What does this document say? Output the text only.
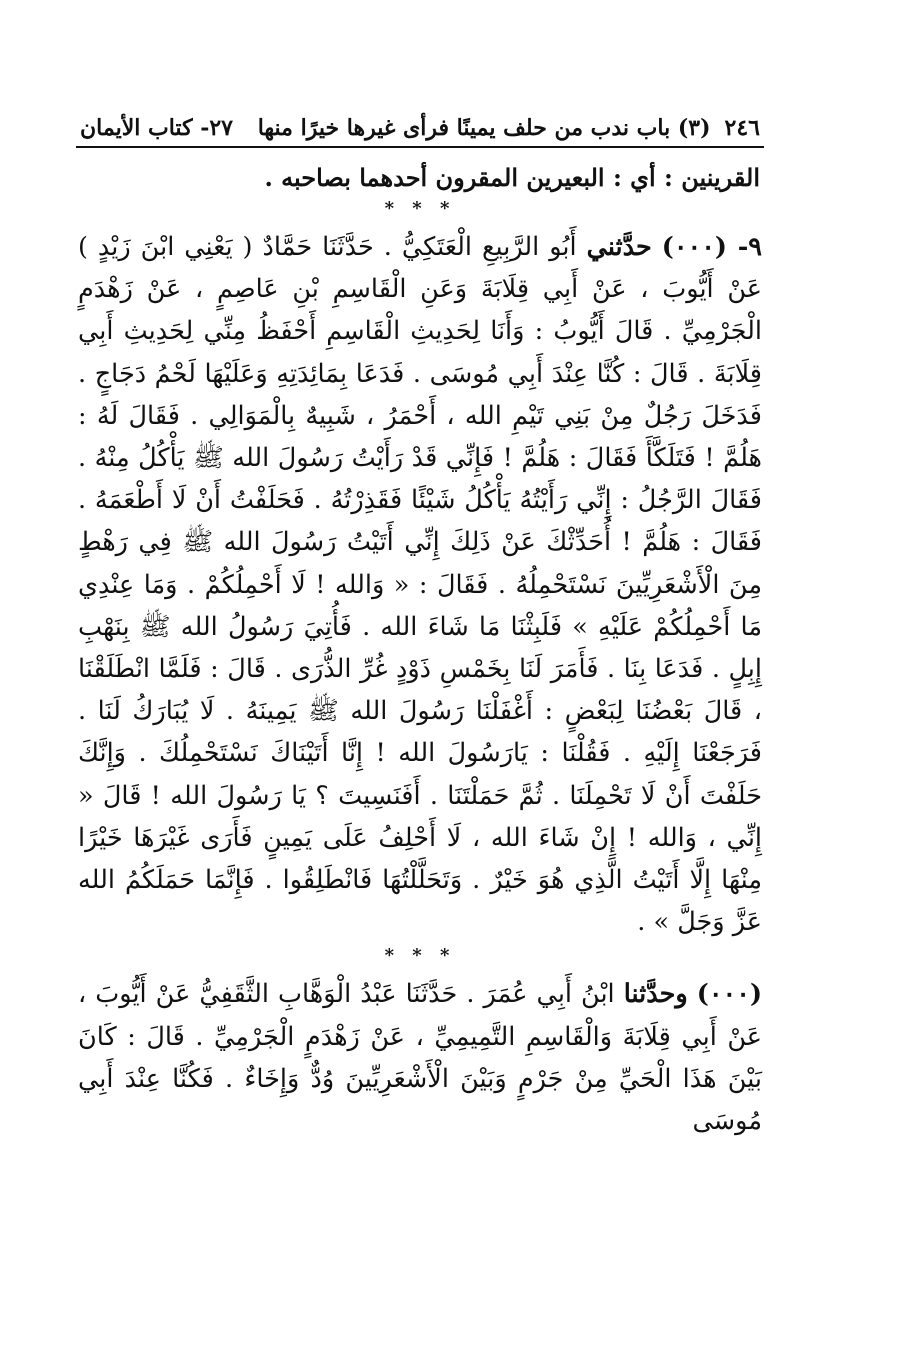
٢٤٦
(٣) باب ندب من حلف يمينًا فرأى غيرها خيرًا منها
٢٧- كتاب الأيمان
القرينين : أي : البعيرين المقرون أحدهما بصاحبه .
* * *

٩- (٠٠٠) حدَّثني أَبُو الرَّبِيعِ الْعَتَكِيُّ . حَدَّثَنَا حَمَّادٌ ( يَعْنِي ابْنَ زَيْدٍ ) عَنْ أَيُّوبَ ، عَنْ أَبِي قِلَابَةَ وَعَنِ الْقَاسِمِ بْنِ عَاصِمٍ ، عَنْ زَهْدَمٍ الْجَرْمِيِّ . قَالَ أَيُّوبُ : وَأَنَا لِحَدِيثِ الْقَاسِمِ أَحْفَظُ مِنِّي لِحَدِيثِ أَبِي قِلَابَةَ . قَالَ : كُنَّا عِنْدَ أَبِي مُوسَى . فَدَعَا بِمَائِدَتِهِ وَعَلَيْهَا لَحْمُ دَجَاجٍ . فَدَخَلَ رَجُلٌ مِنْ بَنِي تَيْمِ الله ، أَحْمَرُ ، شَبِيهٌ بِالْمَوَالِي . فَقَالَ لَهُ : هَلُمَّ ! فَتَلَكَّأَ فَقَالَ : هَلُمَّ ! فَإِنِّي قَدْ رَأَيْتُ رَسُولَ الله ﷺ يَأْكُلُ مِنْهُ . فَقَالَ الرَّجُلُ : إِنِّي رَأَيْتُهُ يَأْكُلُ شَيْئًا فَقَذِرْتُهُ . فَحَلَفْتُ أَنْ لَا أَطْعَمَهُ . فَقَالَ : هَلُمَّ ! أُحَدِّثْكَ عَنْ ذَلِكَ إِنِّي أَتَيْتُ رَسُولَ الله ﷺ فِي رَهْطٍ مِنَ الْأَشْعَرِيِّينَ نَسْتَحْمِلُهُ . فَقَالَ : « وَالله ! لَا أَحْمِلُكُمْ . وَمَا عِنْدِي مَا أَحْمِلُكُمْ عَلَيْهِ » فَلَبِثْنَا مَا شَاءَ الله . فَأُتِيَ رَسُولُ الله ﷺ بِنَهْبِ إِبِلٍ . فَدَعَا بِنَا . فَأَمَرَ لَنَا بِخَمْسِ ذَوْدٍ غُرِّ الذُّرَى . قَالَ : فَلَمَّا انْطَلَقْنَا ، قَالَ بَعْضُنَا لِبَعْضٍ : أَغْفَلْنَا رَسُولَ الله ﷺ يَمِينَهُ . لَا يُبَارَكُ لَنَا . فَرَجَعْنَا إِلَيْهِ . فَقُلْنَا : يَارَسُولَ الله ! إِنَّا أَتَيْنَاكَ نَسْتَحْمِلُكَ . وَإِنَّكَ حَلَفْتَ أَنْ لَا تَحْمِلَنَا . ثُمَّ حَمَلْتَنَا . أَفَنَسِيتَ ؟ يَا رَسُولَ الله ! قَالَ « إِنِّي ، وَالله ! إِنْ شَاءَ الله ، لَا أَحْلِفُ عَلَى يَمِينٍ فَأَرَى غَيْرَهَا خَيْرًا مِنْهَا إِلَّا أَتَيْتُ الَّذِي هُوَ خَيْرٌ . وَتَحَلَّلْتُهَا فَانْطَلِقُوا . فَإِنَّمَا حَمَلَكُمُ الله عَزَّ وَجَلَّ » .

* * *

(٠٠٠) وحدَّثنا ابْنُ أَبِي عُمَرَ . حَدَّثَنَا عَبْدُ الْوَهَّابِ الثَّقَفِيُّ عَنْ أَيُّوبَ ، عَنْ أَبِي قِلَابَةَ وَالْقَاسِمِ التَّمِيمِيِّ ، عَنْ زَهْدَمٍ الْجَرْمِيِّ . قَالَ : كَانَ بَيْنَ هَذَا الْحَيِّ مِنْ جَرْمٍ وَبَيْنَ الْأَشْعَرِيِّينَ وُدٌّ وَإِخَاءٌ . فَكُنَّا عِنْدَ أَبِي مُوسَى
